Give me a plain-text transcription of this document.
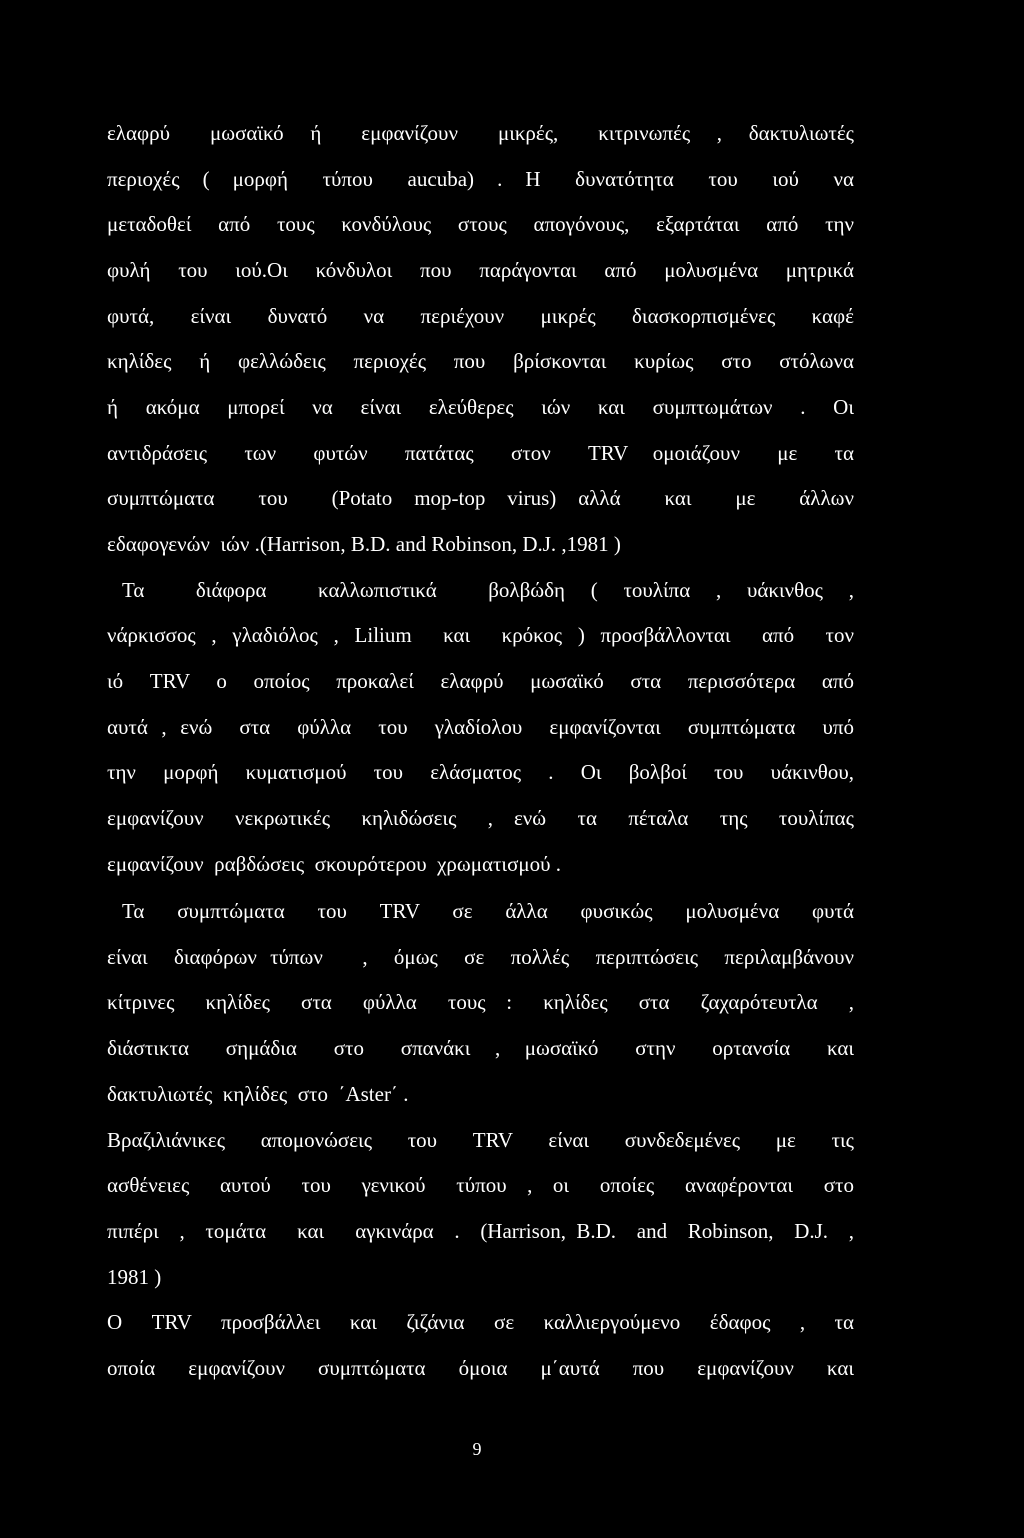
ελαφρύ   μωσαϊκό  ή   εμφανίζουν   μικρές,   κιτρινωπές  ,  δακτυλιωτές
περιοχές  (  μορφή   τύπου   aucuba)  .  Η   δυνατότητα   του   ιού   να
μεταδοθεί από τους κονδύλους στους απογόνους, εξαρτάται από την
φυλή του ιού.Οι κόνδυλοι που παράγονται από μολυσμένα μητρικά
φυτά,  είναι  δυνατό  να  περιέχουν  μικρές  διασκορπισμένες  καφέ
κηλίδες ή φελλώδεις περιοχές που βρίσκονται κυρίως στο στόλωνα
ή  ακόμα  μπορεί  να  είναι  ελεύθερες  ιών  και  συμπτωμάτων  .  Οι
αντιδράσεις   των   φυτών   πατάτας   στον   TRV  ομοιάζουν   με   τα
συμπτώματα    του    (Potato  mop-top  virus)  αλλά    και    με    άλλων
εδαφογενών  ιών .(Harrison, B.D. and Robinson, D.J. ,1981 )
Τα    διάφορα    καλλωπιστικά    βολβώδη  (  τουλίπα  ,  υάκινθος  ,
νάρκισσος , γλαδιόλος , Lilium  και  κρόκος ) προσβάλλονται  από  τον
ιό  TRV  ο  οποίος  προκαλεί  ελαφρύ  μωσαϊκό  στα  περισσότερα  από
αυτά , ενώ  στα  φύλλα  του  γλαδίολου  εμφανίζονται  συμπτώματα  υπό
την  μορφή  κυματισμού  του  ελάσματος  .  Οι  βολβοί  του  υάκινθου,
εμφανίζουν   νεκρωτικές   κηλιδώσεις   ,  ενώ   τα   πέταλα   της   τουλίπας
εμφανίζουν  ραβδώσεις  σκουρότερου  χρωματισμού .
Τα   συμπτώματα   του   TRV   σε   άλλα   φυσικώς   μολυσμένα   φυτά
είναι  διαφόρων τύπων   ,  όμως  σε  πολλές  περιπτώσεις  περιλαμβάνουν
κίτρινες   κηλίδες   στα   φύλλα   τους  :   κηλίδες   στα   ζαχαρότευτλα   ,
διάστικτα   σημάδια   στο   σπανάκι  ,  μωσαϊκό   στην   ορτανσία   και
δακτυλιωτές  κηλίδες  στο  ΄Aster΄ .
Βραζιλιάνικες  απομονώσεις  του  TRV  είναι  συνδεδεμένες  με  τις
ασθένειες   αυτού   του   γενικού   τύπου  ,  οι   οποίες   αναφέρονται   στο
πιπέρι  ,  τομάτα   και   αγκινάρα  .  (Harrison, B.D.  and  Robinson,  D.J.  ,
1981 )
Ο  TRV  προσβάλλει  και  ζιζάνια  σε  καλλιεργούμενο  έδαφος  ,  τα
οποία  εμφανίζουν  συμπτώματα  όμοια  μ΄αυτά  που  εμφανίζουν  και
9
